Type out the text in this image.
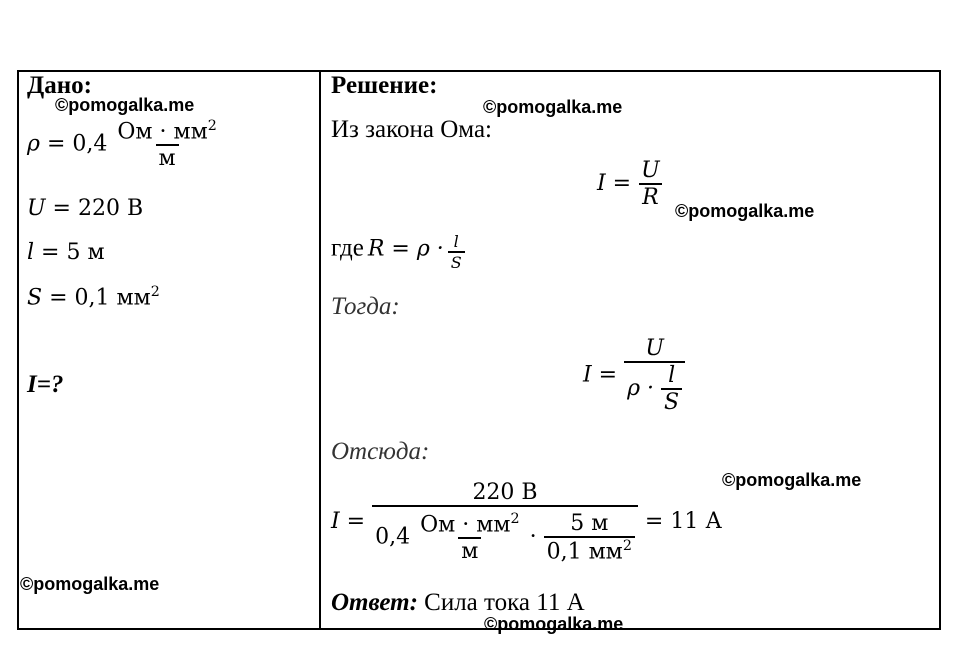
Дано:
$\rho = 0,4 \frac{Ом \cdot мм^2}{м}$
U = 220 В
l = 5 м
S = 0,1 $мм^2$
I=?
Решение:
Из закона Ома:
$I = \frac{U}{R}$
где $R = \rho \cdot \frac{l}{S}$
Тогда:
$I = \frac{U}{\rho \cdot \frac{l}{S}}$
Отсюда:
I =
220 В
$0,4 \frac{Ом \cdot мм^2}{м} \cdot \frac{5 м}{0,1 мм^2} = 11$ А
Ответ: Сила тока 11 А
©pomogalka.me	©pomogalka.me
©pomogalka.me
©pomogalka.me
©pomogalka.me
©pomogalka.me
